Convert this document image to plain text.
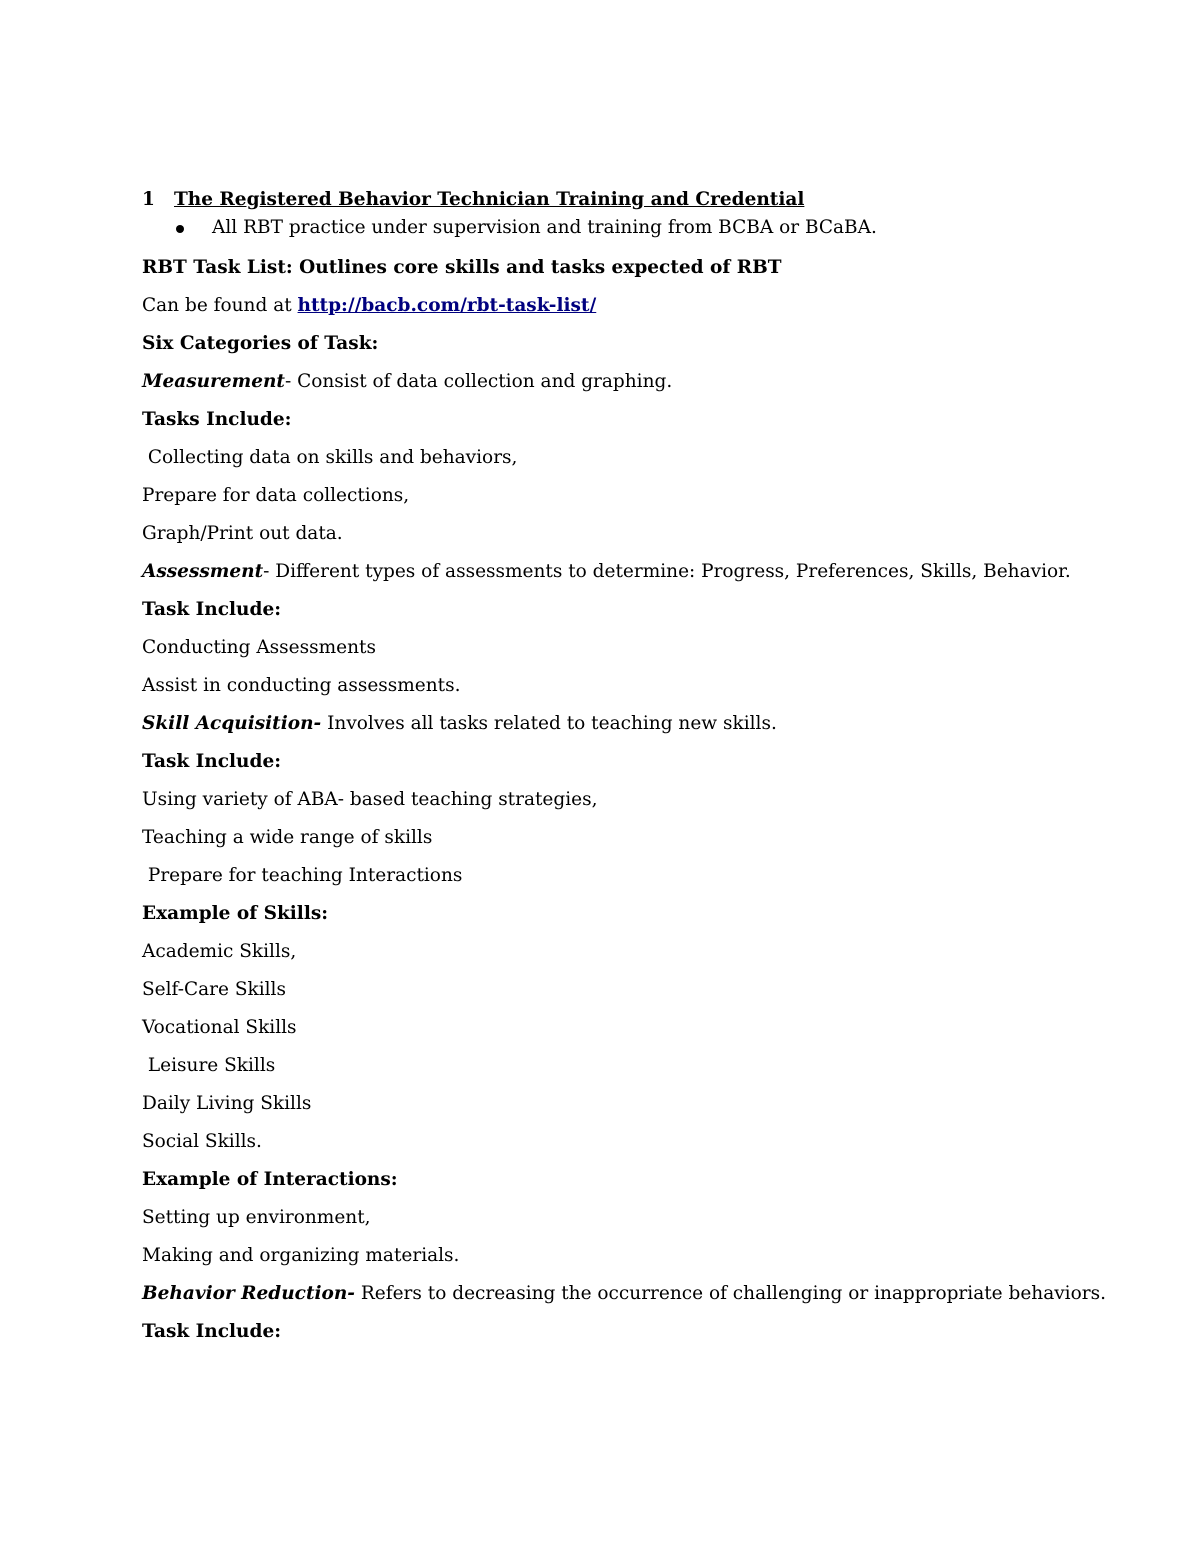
1 The Registered Behavior Technician Training and Credential
All RBT practice under supervision and training from BCBA or BCaBA.

RBT Task List: Outlines core skills and tasks expected of RBT

Can be found at http://bacb.com/rbt-task-list/

Six Categories of Task:

Measurement- Consist of data collection and graphing.

Tasks Include:

Collecting data on skills and behaviors,

Prepare for data collections,

Graph/Print out data.

Assessment- Different types of assessments to determine: Progress, Preferences, Skills, Behavior.

Task Include:

Conducting Assessments

Assist in conducting assessments.

Skill Acquisition- Involves all tasks related to teaching new skills.

Task Include:

Using variety of ABA- based teaching strategies,

Teaching a wide range of skills

Prepare for teaching Interactions

Example of Skills:

Academic Skills,

Self-Care Skills

Vocational Skills

Leisure Skills

Daily Living Skills

Social Skills.

Example of Interactions:

Setting up environment,

Making and organizing materials.

Behavior Reduction- Refers to decreasing the occurrence of challenging or inappropriate behaviors.

Task Include:
